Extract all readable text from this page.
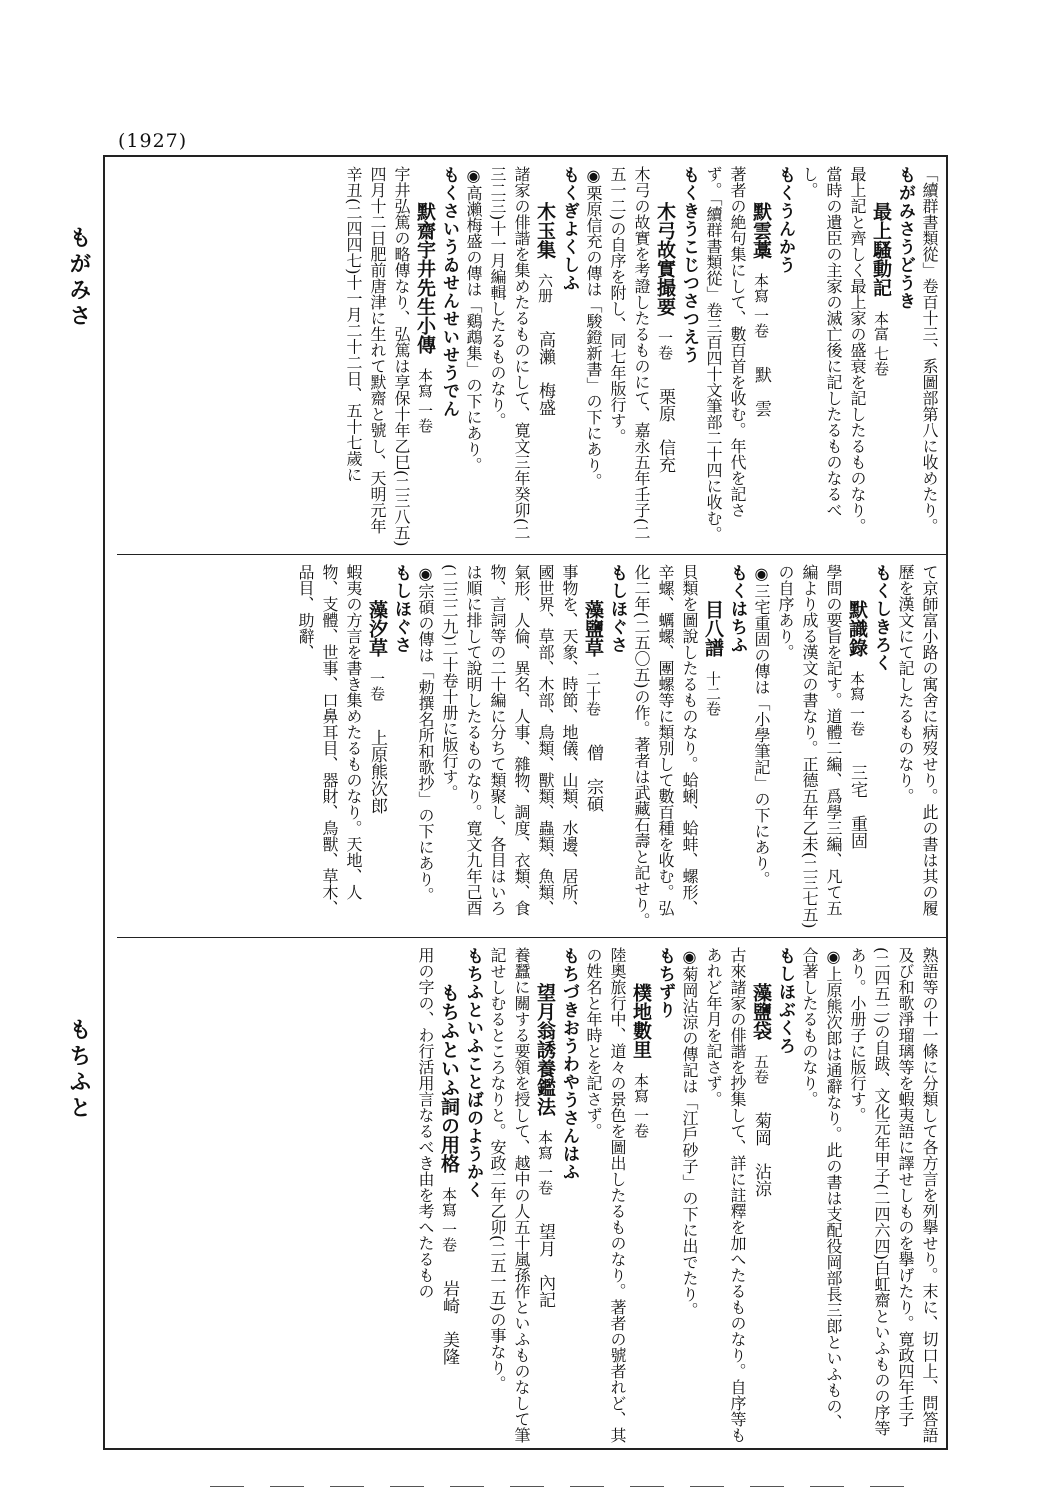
(1927)
もがみさ
もちふと

「續群書類從」卷百十三、系圖部第八に收めたり。

もがみさうどうき

最上騷動記本富 七卷

最上記と齊しく最上家の盛衰を記したるものなり。當時の遺臣の主家の滅亡後に記したるものなるべし。

もくうんかう

默雲藁本寫 一卷默　雲

著者の絶句集にして、數百首を收む。年代を記さず。「續群書類從」卷三百四十文筆部二十四に收む。

もくきうこじつさつえう

木弓故實撮要一卷栗原　信充

木弓の故實を考證したるものにて、嘉永五年壬子(二五一二)の自序を附し、同七年版行す。

◉栗原信充の傳は「駿鐙新書」の下にあり。

もくぎよくしふ

木玉集六册高瀨　梅盛

諸家の俳諧を集めたるものにして、寛文三年癸卯(二三二三)十一月編輯したるものなり。

◉高瀨梅盛の傳は「鷄鵡集」の下にあり。

もくさいうゐせんせいせうでん

默齋宇井先生小傳本寫 一卷

宇井弘篤の略傳なり、弘篤は享保十年乙巳(二三八五)四月十二日肥前唐津に生れて默齋と號し、天明元年辛丑(二四四七)十一月二十二日、五十七歲に

て京師富小路の寓舍に病歿せり。此の書は其の履歷を漢文にて記したるものなり。

もくしきろく

默識錄本寫 一卷三宅　重固

學問の要旨を記す。道體二編、爲學三編、凡て五編より成る漢文の書なり。正德五年乙未(二三七五)の自序あり。

◉三宅重固の傳は「小學筆記」の下にあり。

もくはちふ

目八譜十二卷

貝類を圖說したるものなり。蛤蜊、蛤蚌、螺形、辛螺、蠣螺、團螺等に類別して數百種を收む。弘化二年(二五〇五)の作。著者は武藏石壽と記せり。

もしほぐさ

藻鹽草二十卷僧　宗碩

事物を、天象、時節、地儀、山類、水邊、居所、國世界、草部、木部、鳥類、獸類、蟲類、魚類、氣形、人倫、異名、人事、雜物、調度、衣類、食物、言詞等の二十編に分ちて類聚し、各目はいろは順に排して說明したるものなり。寛文九年己酉(二三二九)二十卷十册に版行す。

◉宗碩の傳は「勅撰名所和歌抄」の下にあり。

もしほぐさ

藻汐草一卷上原熊次郎

蝦夷の方言を書き集めたるものなり。天地、人物、支體、世事、口鼻耳目、器財、鳥獸、草木、品目、助辭、

熟語等の十一條に分類して各方言を列擧せり。末に、切口上、問答語及び和歌淨瑠璃等を蝦夷語に譯せしものを擧げたり。寛政四年壬子(二四五二)の自跋、文化元年甲子(二四六四)白虹齋といふものの序等あり。小册子に版行す。

◉上原熊次郎は通辭なり。此の書は支配役岡部長三郎といふもの、合著したるものなり。

もしほぶくろ

藻鹽袋五卷菊岡　沾涼

古來諸家の俳諧を抄集して、詳に註釋を加へたるものなり。自序等もあれど年月を記さず。

◉菊岡沾涼の傳記は「江戶砂子」の下に出でたり。

もちずり

樸地數里本寫 一卷

陸奧旅行中、道々の景色を圖出したるものなり。著者の號者れど、其の姓名と年時とを記さず。

もちづきおうわやうさんはふ

望月翁誘養鑑法本寫 一卷望月　內記

養蠶に關する要領を授して、越中の人五十嵐孫作といふものなして筆記せしむるところなりと。安政二年乙卯(二五一五)の事なり。

もちふといふことばのようかく

もちふといふ詞の用格本寫 一卷岩崎　美隆

用の字の、わ行活用言なるべき由を考へたるもの
